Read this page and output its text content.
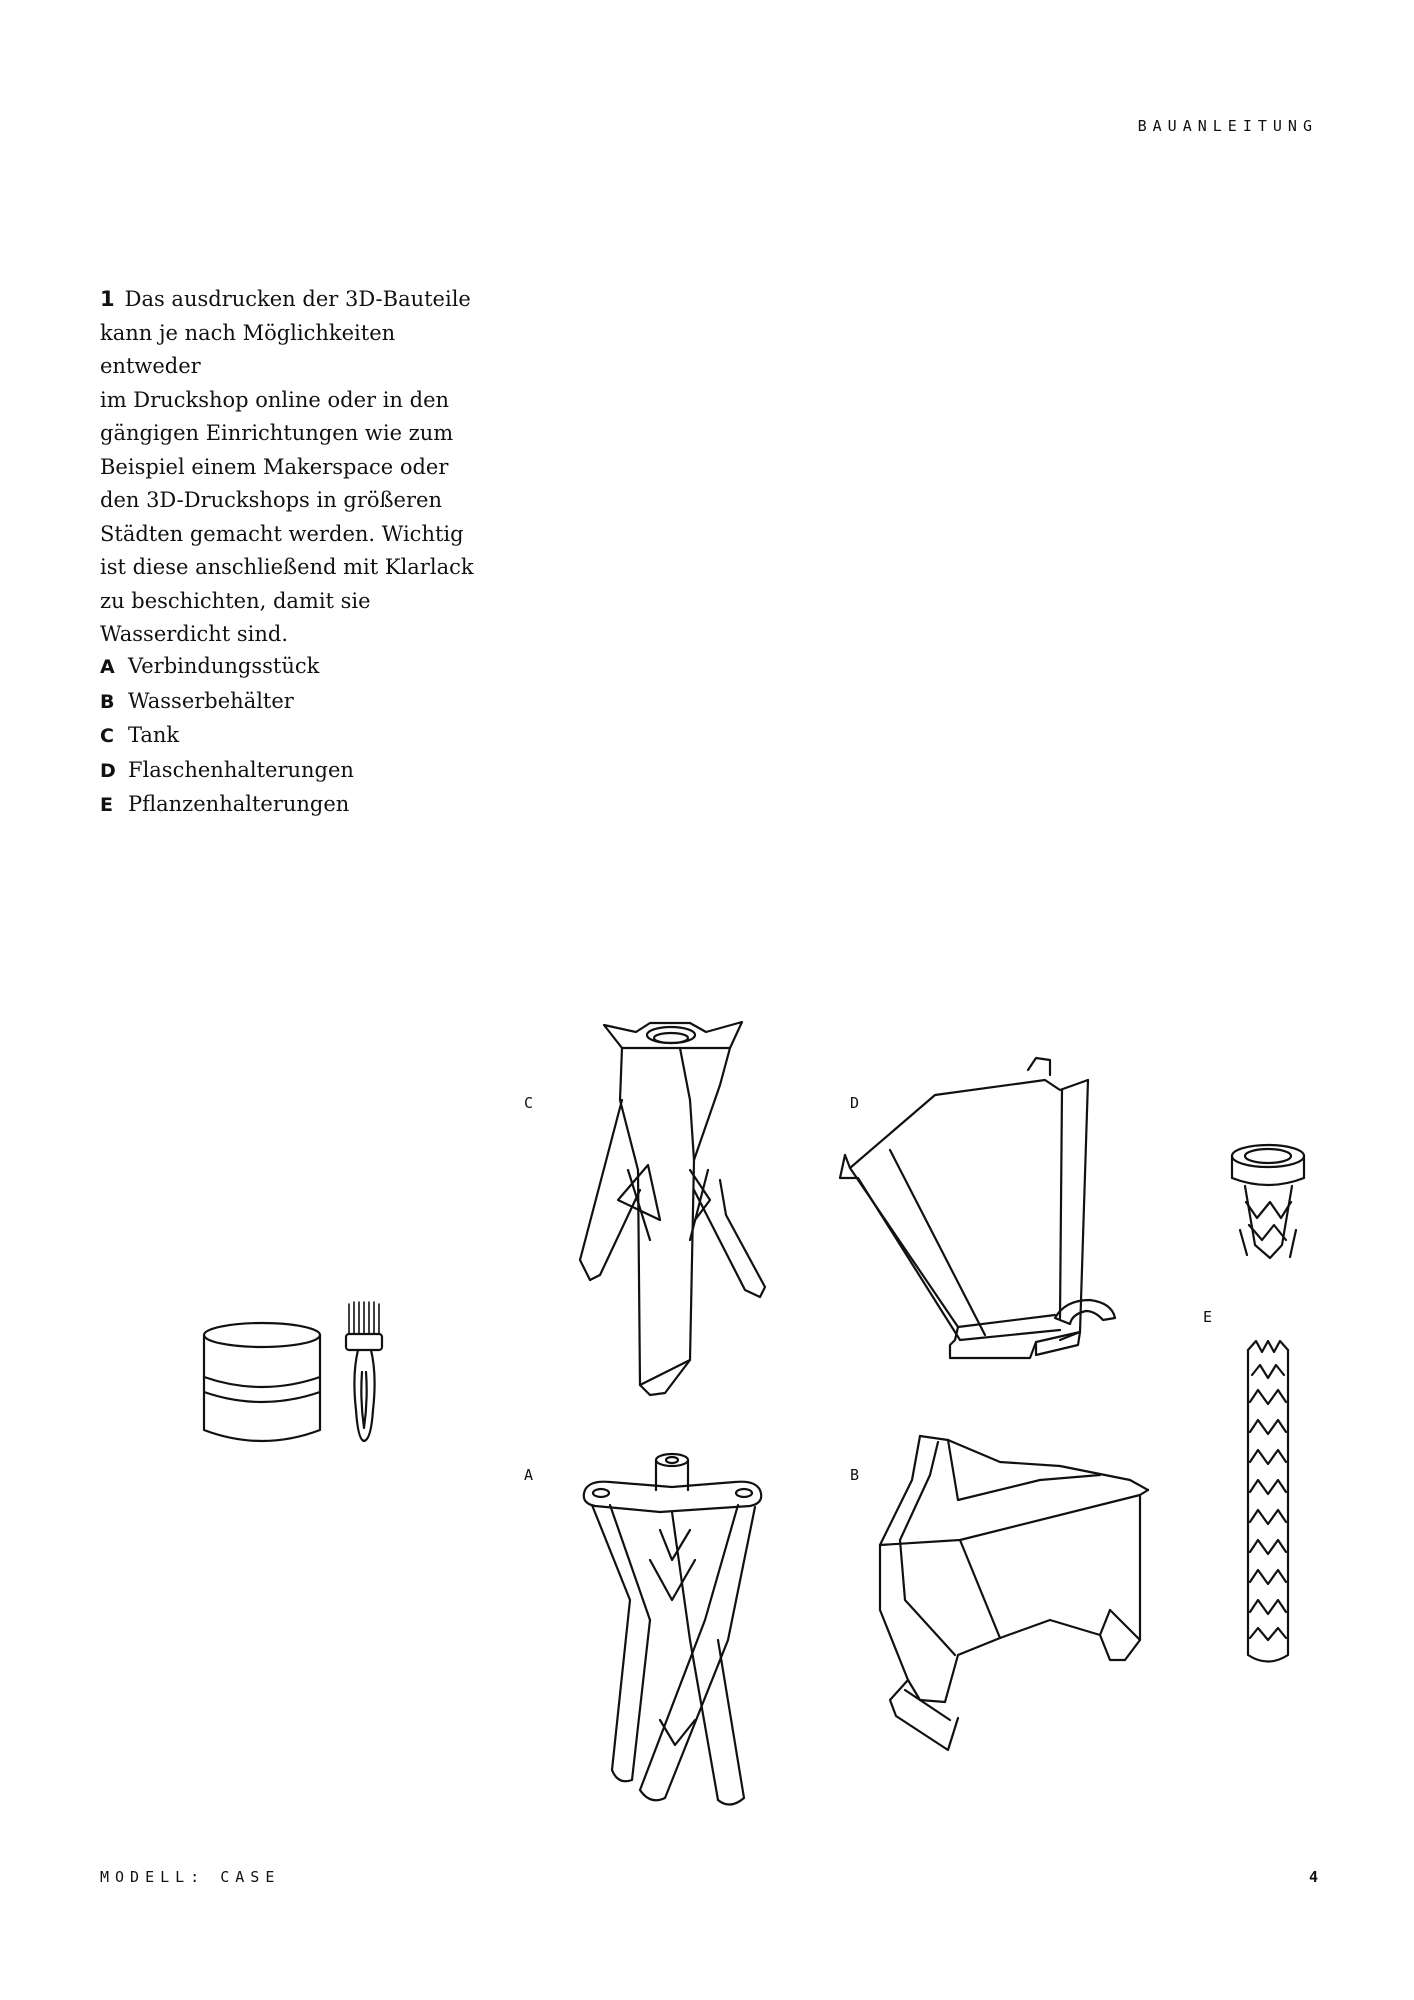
BAUANLEITUNG
1 Das ausdrucken der 3D-Bauteile
kann je nach Möglichkeiten entweder
im Druckshop online oder in den
gängigen Einrichtungen wie zum
Beispiel einem Makerspace oder
den 3D-Druckshops in größeren
Städten gemacht werden. Wichtig
ist diese anschließend mit Klarlack
zu beschichten, damit sie
Wasserdicht sind.
A Verbindungsstück
B Wasserbehälter
C Tank
D Flaschenhalterungen
E Pflanzenhalterungen
C	D
E
A	B
MODELL: CASE	4
